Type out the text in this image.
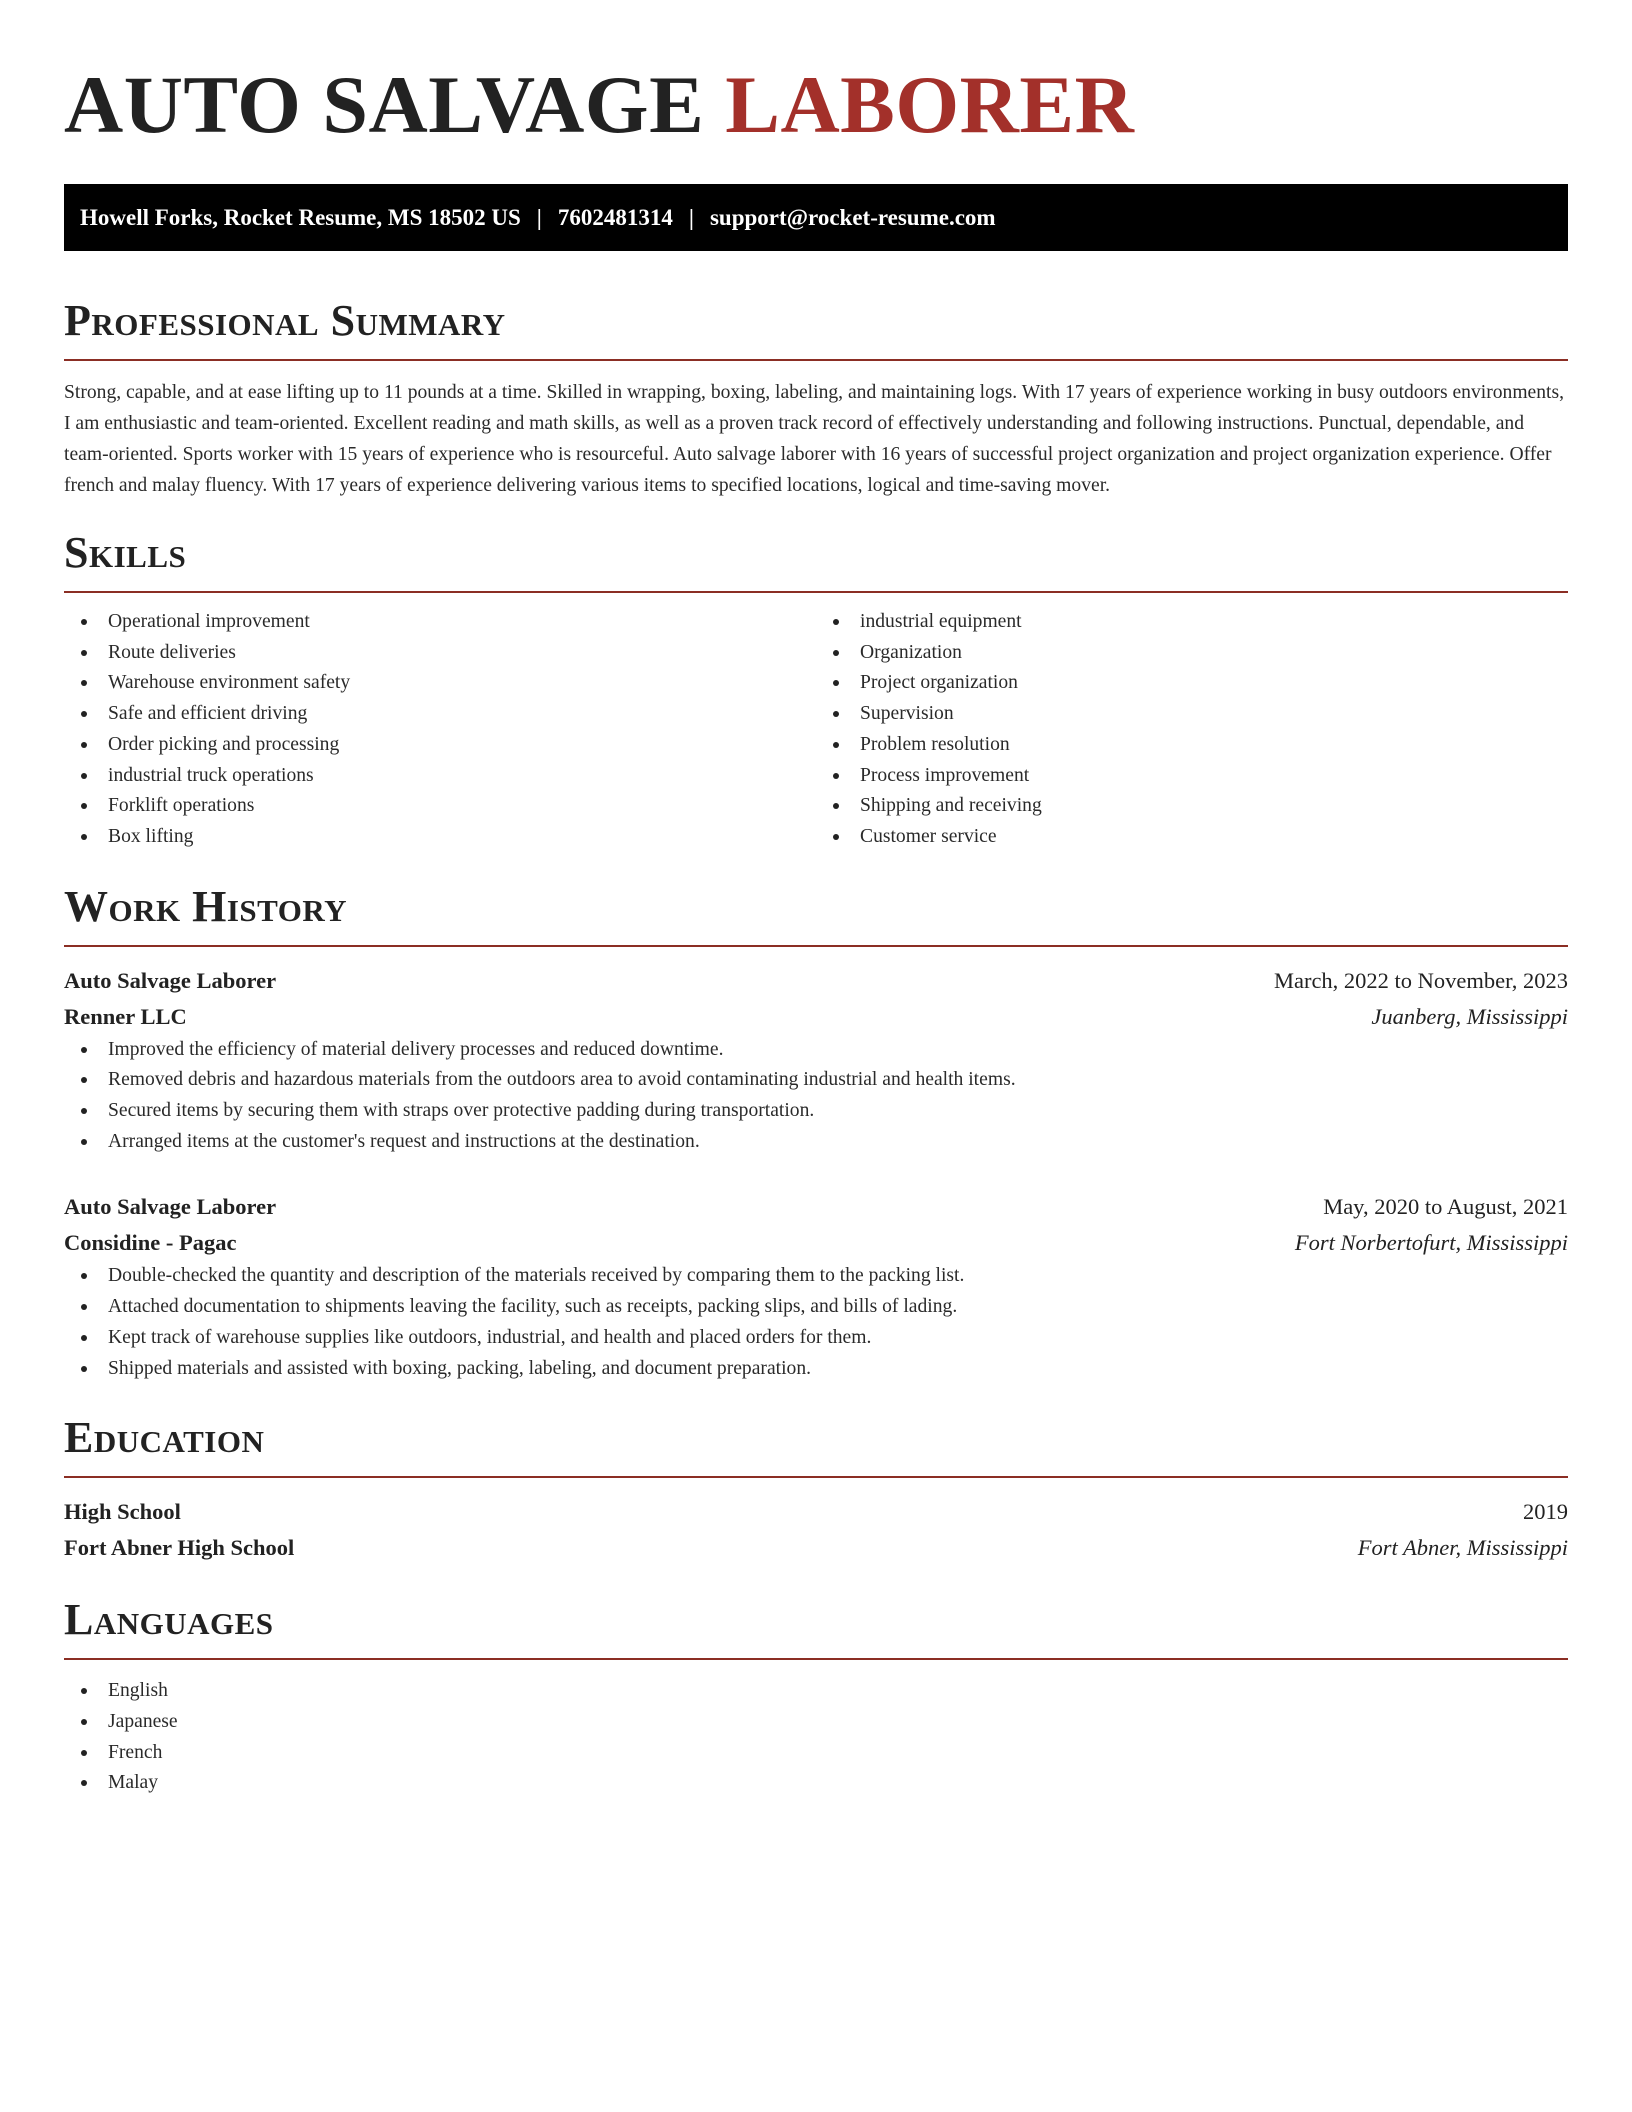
AUTO SALVAGE LABORER
Howell Forks, Rocket Resume, MS 18502 US | 7602481314 | support@rocket-resume.com
Professional Summary

Strong, capable, and at ease lifting up to 11 pounds at a time. Skilled in wrapping, boxing, labeling, and maintaining logs. With 17 years of experience working in busy outdoors environments, I am enthusiastic and team-oriented. Excellent reading and math skills, as well as a proven track record of effectively understanding and following instructions. Punctual, dependable, and team-oriented. Sports worker with 15 years of experience who is resourceful. Auto salvage laborer with 16 years of successful project organization and project organization experience. Offer french and malay fluency. With 17 years of experience delivering various items to specified locations, logical and time-saving mover.

Skills
Operational improvement
Route deliveries
Warehouse environment safety
Safe and efficient driving
Order picking and processing
industrial truck operations
Forklift operations
Box lifting
industrial equipment
Organization
Project organization
Supervision
Problem resolution
Process improvement
Shipping and receiving
Customer service
Work History
Auto Salvage Laborer	March, 2022 to November, 2023
Renner LLC	Juanberg, Mississippi
Improved the efficiency of material delivery processes and reduced downtime.
Removed debris and hazardous materials from the outdoors area to avoid contaminating industrial and health items.
Secured items by securing them with straps over protective padding during transportation.
Arranged items at the customer's request and instructions at the destination.
Auto Salvage Laborer	May, 2020 to August, 2021
Considine - Pagac	Fort Norbertofurt, Mississippi
Double-checked the quantity and description of the materials received by comparing them to the packing list.
Attached documentation to shipments leaving the facility, such as receipts, packing slips, and bills of lading.
Kept track of warehouse supplies like outdoors, industrial, and health and placed orders for them.
Shipped materials and assisted with boxing, packing, labeling, and document preparation.
Education
High School	2019
Fort Abner High School	Fort Abner, Mississippi
Languages
English
Japanese
French
Malay
